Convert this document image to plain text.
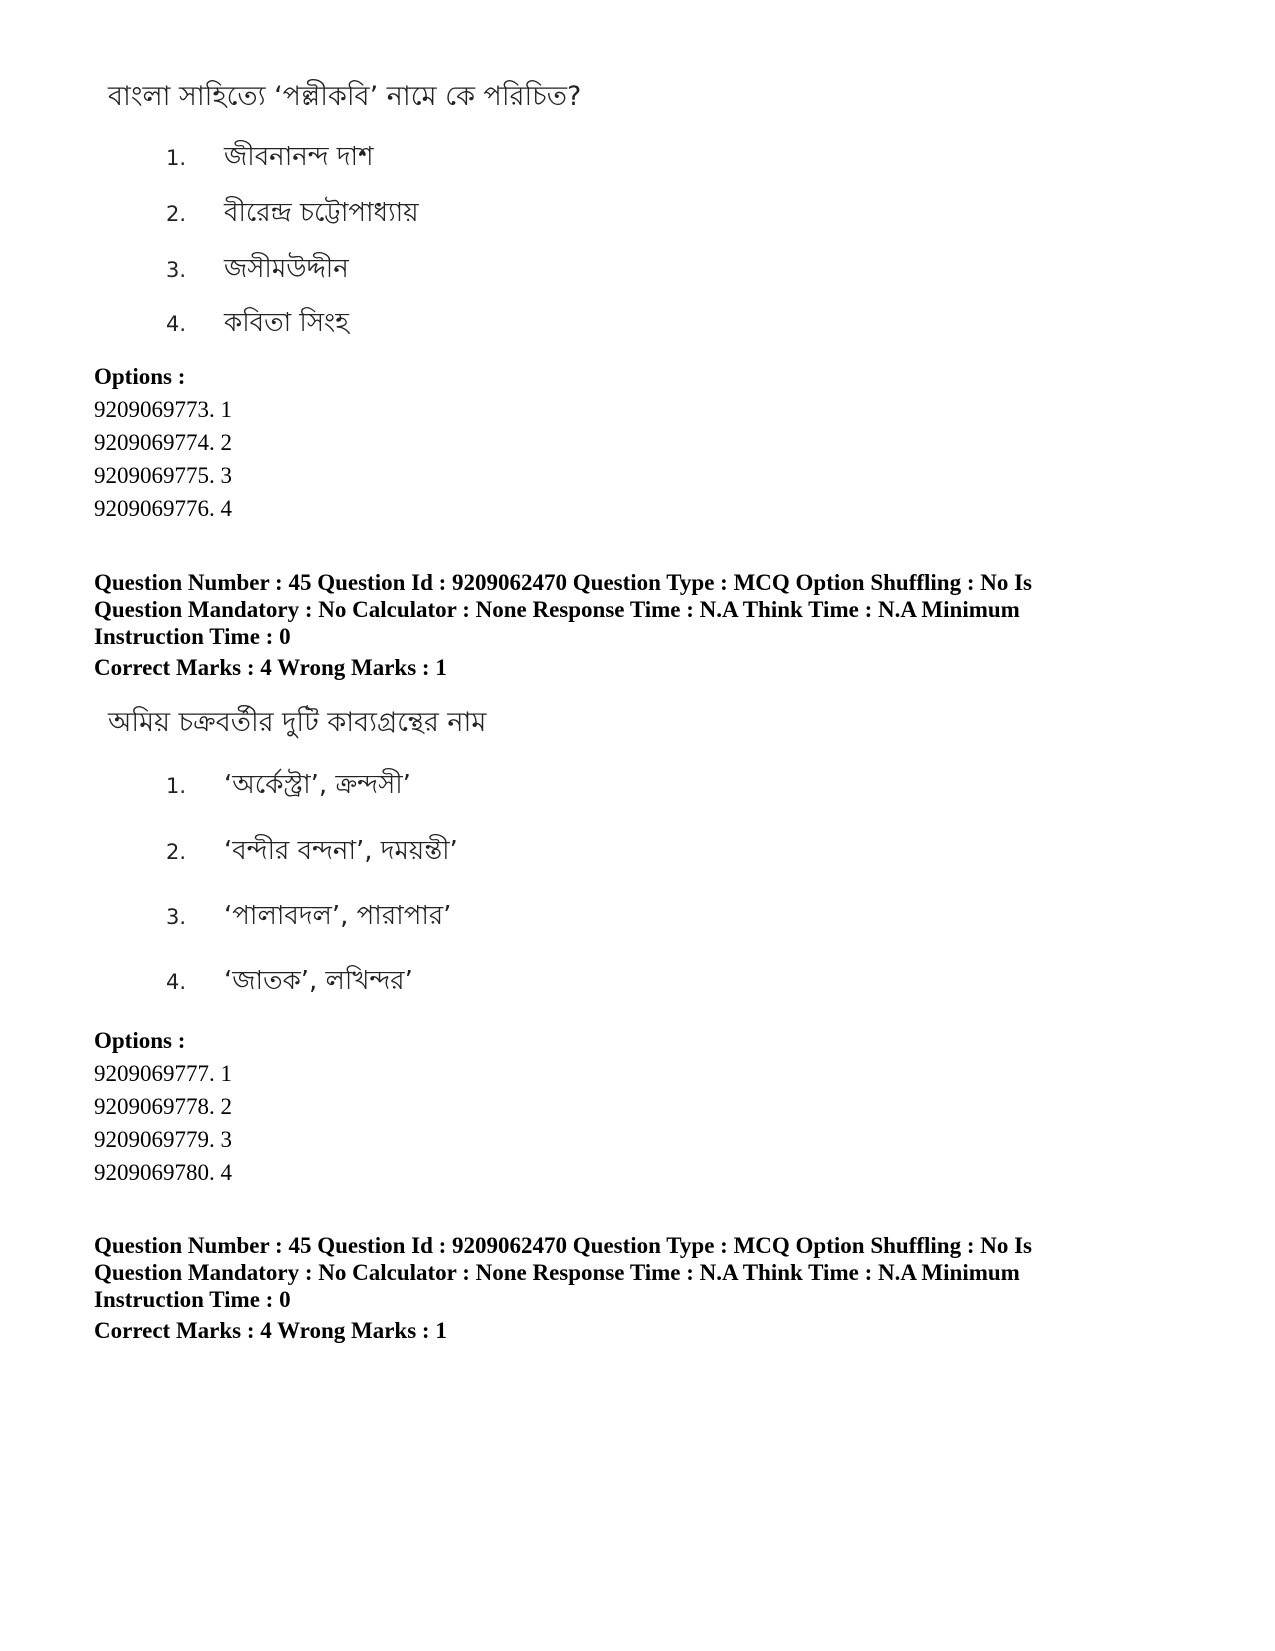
বাংলা সাহিত্যে ‘পল্লীকবি’ নামে কে পরিচিত?
1. জীবনানন্দ দাশ
2. বীরেন্দ্র চট্টোপাধ্যায়
3. জসীমউদ্দীন
4. কবিতা সিংহ
Options :
9209069773. 1
9209069774. 2
9209069775. 3
9209069776. 4
Question Number : 45 Question Id : 9209062470 Question Type : MCQ Option Shuffling : No Is
Question Mandatory : No Calculator : None Response Time : N.A Think Time : N.A Minimum
Instruction Time : 0
Correct Marks : 4 Wrong Marks : 1
অমিয় চক্রবর্তীর দুটি কাব্যগ্রন্থের নাম
1. ‘অর্কেস্ট্রা’, ক্রন্দসী’
2. ‘বন্দীর বন্দনা’, দময়ন্তী’
3. ‘পালাবদল’, পারাপার’
4. ‘জাতক’, লখিন্দর’
Options :
9209069777. 1
9209069778. 2
9209069779. 3
9209069780. 4
Question Number : 45 Question Id : 9209062470 Question Type : MCQ Option Shuffling : No Is
Question Mandatory : No Calculator : None Response Time : N.A Think Time : N.A Minimum
Instruction Time : 0
Correct Marks : 4 Wrong Marks : 1
